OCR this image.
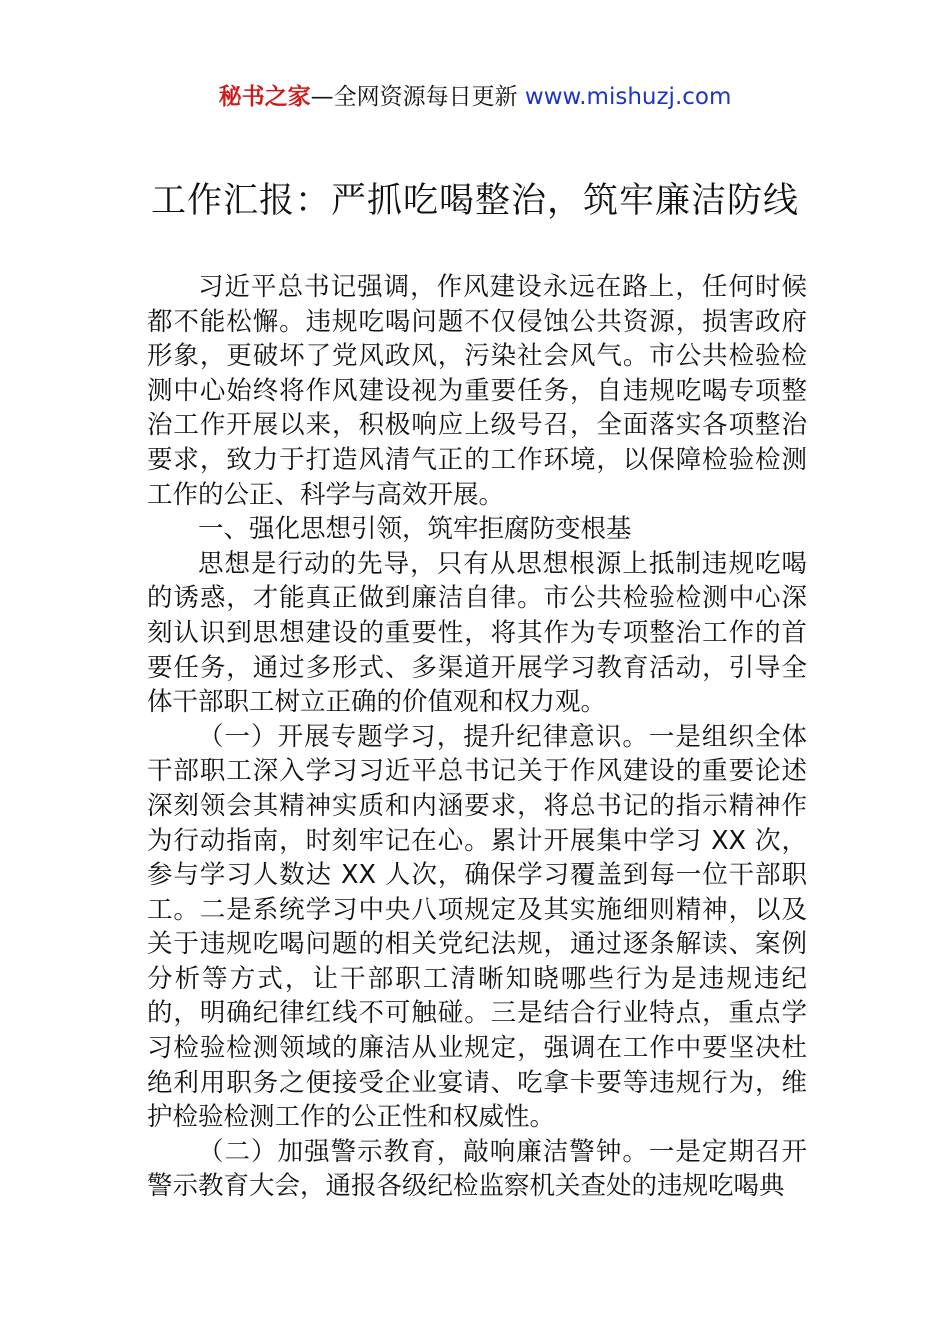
秘书之家—全网资源每日更新 www.mishuzj.com
工作汇报：严抓吃喝整治，筑牢廉洁防线

习近平总书记强调，作风建设永远在路上，任何时候都不能松懈。违规吃喝问题不仅侵蚀公共资源，损害政府形象，更破坏了党风政风，污染社会风气。市公共检验检测中心始终将作风建设视为重要任务，自违规吃喝专项整治工作开展以来，积极响应上级号召，全面落实各项整治要求，致力于打造风清气正的工作环境，以保障检验检测工作的公正、科学与高效开展。

一、强化思想引领，筑牢拒腐防变根基

思想是行动的先导，只有从思想根源上抵制违规吃喝的诱惑，才能真正做到廉洁自律。市公共检验检测中心深刻认识到思想建设的重要性，将其作为专项整治工作的首要任务，通过多形式、多渠道开展学习教育活动，引导全体干部职工树立正确的价值观和权力观。

（一）开展专题学习，提升纪律意识。一是组织全体干部职工深入学习习近平总书记关于作风建设的重要论述深刻领会其精神实质和内涵要求，将总书记的指示精神作为行动指南，时刻牢记在心。累计开展集中学习 XX 次，参与学习人数达 XX 人次，确保学习覆盖到每一位干部职工。二是系统学习中央八项规定及其实施细则精神，以及关于违规吃喝问题的相关党纪法规，通过逐条解读、案例分析等方式，让干部职工清晰知晓哪些行为是违规违纪的，明确纪律红线不可触碰。三是结合行业特点，重点学习检验检测领域的廉洁从业规定，强调在工作中要坚决杜绝利用职务之便接受企业宴请、吃拿卡要等违规行为，维护检验检测工作的公正性和权威性。

（二）加强警示教育，敲响廉洁警钟。一是定期召开警示教育大会，通报各级纪检监察机关查处的违规吃喝典
